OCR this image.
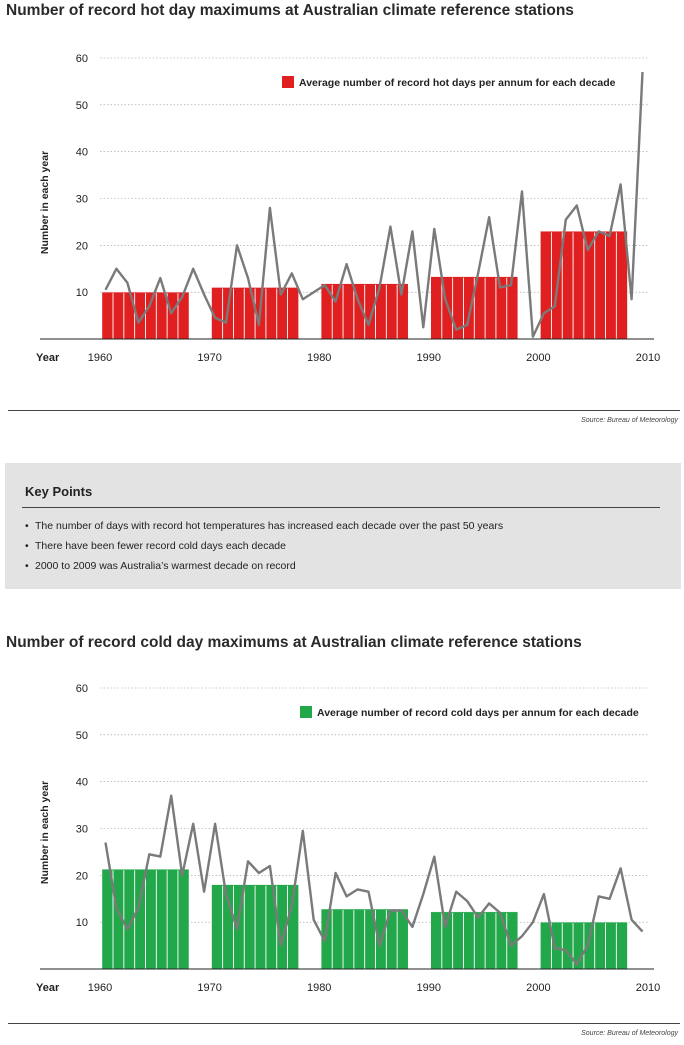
Number of record hot day maximums at Australian climate reference stations
10
20
30
40
50
60
1960	1970	1980	1990	2000	2010
Year
Number in each year
Average number of record hot days per annum for each decade
Source: Bureau of Meteorology
Key Points
• The number of days with record hot temperatures has increased each decade over the past 50 years
• There have been fewer record cold days each decade
• 2000 to 2009 was Australia’s warmest decade on record
Number of record cold day maximums at Australian climate reference stations
10
20
30
40
50
60
1960	1970	1980	1990	2000	2010
Year
Number in each year
Average number of record cold days per annum for each decade
Source: Bureau of Meteorology
